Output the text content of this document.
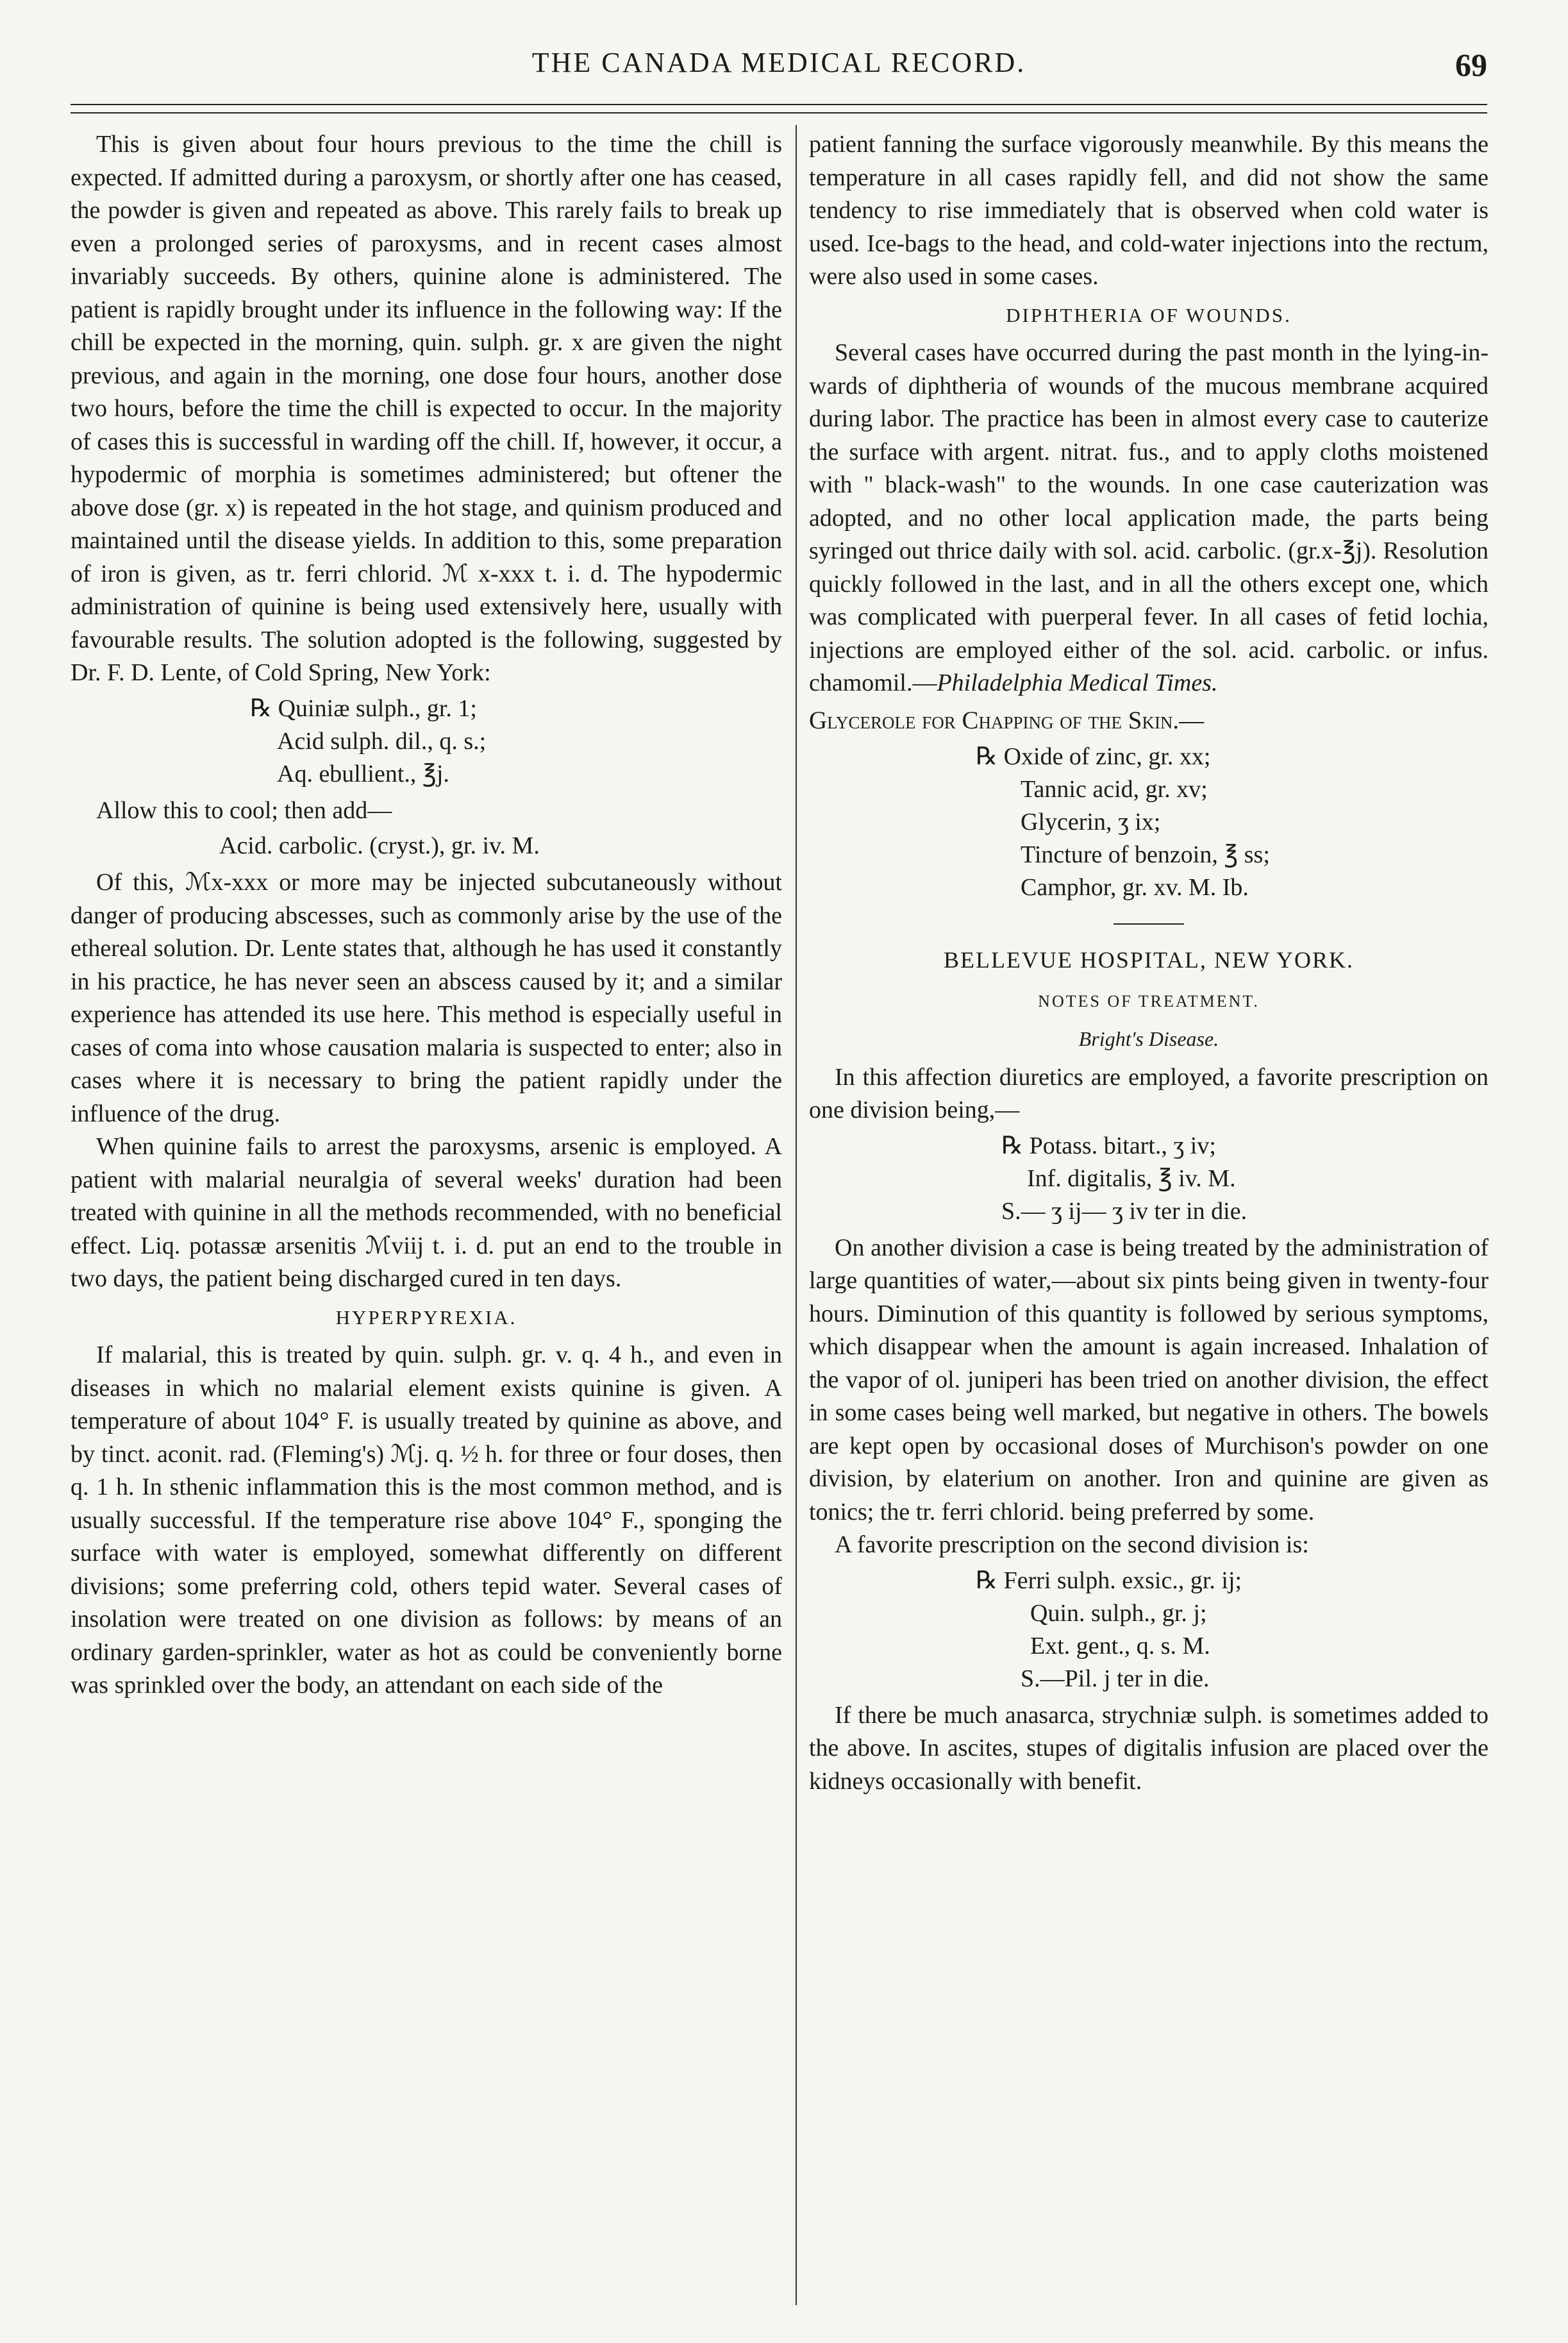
THE CANADA MEDICAL RECORD.	69

This is given about four hours previous to the time the chill is expected. If admitted during a paroxysm, or shortly after one has ceased, the powder is given and repeated as above. This rarely fails to break up even a prolonged series of paroxysms, and in recent cases almost invariably succeeds. By others, quinine alone is administered. The patient is rapidly brought under its influence in the following way: If the chill be expected in the morning, quin. sulph. gr. x are given the night previous, and again in the morning, one dose four hours, another dose two hours, before the time the chill is expected to occur. In the majority of cases this is successful in warding off the chill. If, however, it occur, a hypodermic of morphia is sometimes administered; but oftener the above dose (gr. x) is repeated in the hot stage, and quinism produced and maintained until the disease yields. In addition to this, some preparation of iron is given, as tr. ferri chlorid. ℳ x-xxx t. i. d. The hypodermic administration of quinine is being used extensively here, usually with favourable results. The solution adopted is the following, suggested by Dr. F. D. Lente, of Cold Spring, New York:

℞ Quiniæ sulph., gr. 1;
Acid sulph. dil., q. s.;
Aq. ebullient., ℥j.

Allow this to cool; then add—

Acid. carbolic. (cryst.), gr. iv. M.

Of this, ℳx-xxx or more may be injected subcutaneously without danger of producing abscesses, such as commonly arise by the use of the ethereal solution. Dr. Lente states that, although he has used it constantly in his practice, he has never seen an abscess caused by it; and a similar experience has attended its use here. This method is especially useful in cases of coma into whose causation malaria is suspected to enter; also in cases where it is necessary to bring the patient rapidly under the influence of the drug.

When quinine fails to arrest the paroxysms, arsenic is employed. A patient with malarial neuralgia of several weeks' duration had been treated with quinine in all the methods recommended, with no beneficial effect. Liq. potassæ arsenitis ℳviij t. i. d. put an end to the trouble in two days, the patient being discharged cured in ten days.

HYPERPYREXIA.

If malarial, this is treated by quin. sulph. gr. v. q. 4 h., and even in diseases in which no malarial element exists quinine is given. A temperature of about 104° F. is usually treated by quinine as above, and by tinct. aconit. rad. (Fleming's) ℳj. q. ½ h. for three or four doses, then q. 1 h. In sthenic inflammation this is the most common method, and is usually successful. If the temperature rise above 104° F., sponging the surface with water is employed, somewhat differently on different divisions; some preferring cold, others tepid water. Several cases of insolation were treated on one division as follows: by means of an ordinary garden-sprinkler, water as hot as could be conveniently borne was sprinkled over the body, an attendant on each side of the

patient fanning the surface vigorously meanwhile. By this means the temperature in all cases rapidly fell, and did not show the same tendency to rise immediately that is observed when cold water is used. Ice-bags to the head, and cold-water injections into the rectum, were also used in some cases.

DIPHTHERIA OF WOUNDS.

Several cases have occurred during the past month in the lying-in-wards of diphtheria of wounds of the mucous membrane acquired during labor. The practice has been in almost every case to cauterize the surface with argent. nitrat. fus., and to apply cloths moistened with " black-wash" to the wounds. In one case cauterization was adopted, and no other local application made, the parts being syringed out thrice daily with sol. acid. carbolic. (gr.x-℥j). Resolution quickly followed in the last, and in all the others except one, which was complicated with puerperal fever. In all cases of fetid lochia, injections are employed either of the sol. acid. carbolic. or infus. chamomil.—Philadelphia Medical Times.

Glycerole for Chapping of the Skin.—
℞ Oxide of zinc, gr. xx;
Tannic acid, gr. xv;
Glycerin, ʒ ix;
Tincture of benzoin, ℥ ss;
Camphor, gr. xv. M. Ib.
BELLEVUE HOSPITAL, NEW YORK.
NOTES OF TREATMENT.
Bright's Disease.

In this affection diuretics are employed, a favorite prescription on one division being,—

℞ Potass. bitart., ʒ iv;
Inf. digitalis, ℥ iv. M.
S.— ʒ ij— ʒ iv ter in die.

On another division a case is being treated by the administration of large quantities of water,—about six pints being given in twenty-four hours. Diminution of this quantity is followed by serious symptoms, which disappear when the amount is again increased. Inhalation of the vapor of ol. juniperi has been tried on another division, the effect in some cases being well marked, but negative in others. The bowels are kept open by occasional doses of Murchison's powder on one division, by elaterium on another. Iron and quinine are given as tonics; the tr. ferri chlorid. being preferred by some.

A favorite prescription on the second division is:

℞ Ferri sulph. exsic., gr. ij;
Quin. sulph., gr. j;
Ext. gent., q. s. M.
S.—Pil. j ter in die.

If there be much anasarca, strychniæ sulph. is sometimes added to the above. In ascites, stupes of digitalis infusion are placed over the kidneys occasionally with benefit.
